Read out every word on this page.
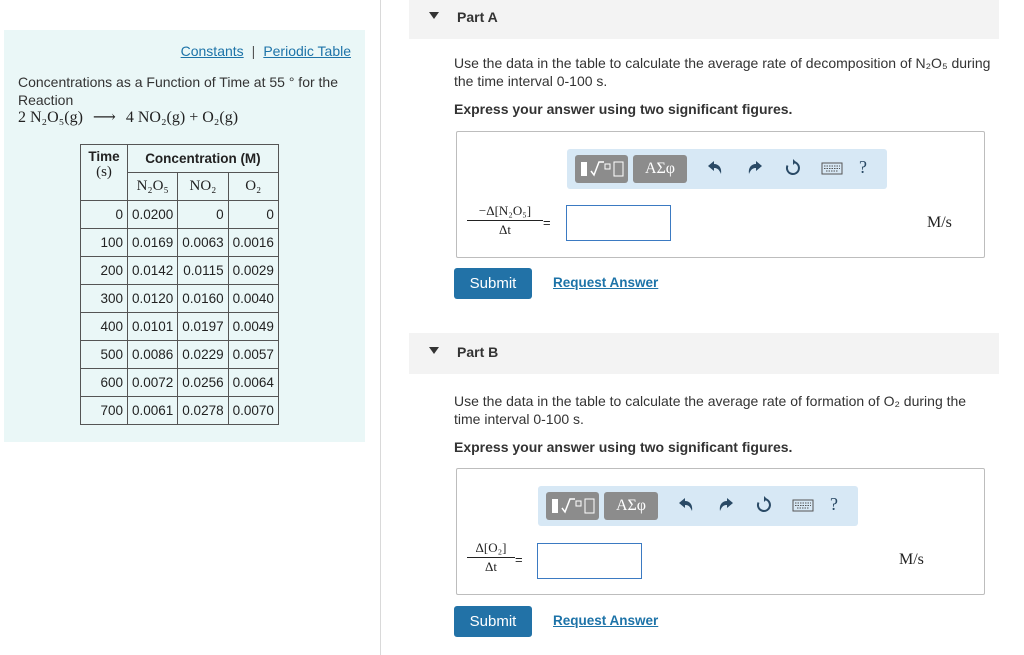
Constants | Periodic Table
Concentrations as a Function of Time at 55 ° for the Reaction
2 N₂O₅(g) ⟶ 4 NO₂(g) + O₂(g)
Time
(s)	Concentration (M)		
	N₂O₅	NO₂	O₂
0	0.0200	0	0
100	0.0169	0.0063	0.0016
200	0.0142	0.0115	0.0029
300	0.0120	0.0160	0.0040
400	0.0101	0.0197	0.0049
500	0.0086	0.0229	0.0057
600	0.0072	0.0256	0.0064
700	0.0061	0.0278	0.0070
Part A
Use the data in the table to calculate the average rate of decomposition of N₂O₅ during the time interval 0-100 s.
Express your answer using two significant figures.
ΑΣφ	?
−Δ[N₂O₅]
Δt	=	M/s
Submit	Request Answer
Part B
Use the data in the table to calculate the average rate of formation of O₂ during the time interval 0-100 s.
Express your answer using two significant figures.
ΑΣφ	?
Δ[O₂]
Δt	=	M/s
Submit	Request Answer
